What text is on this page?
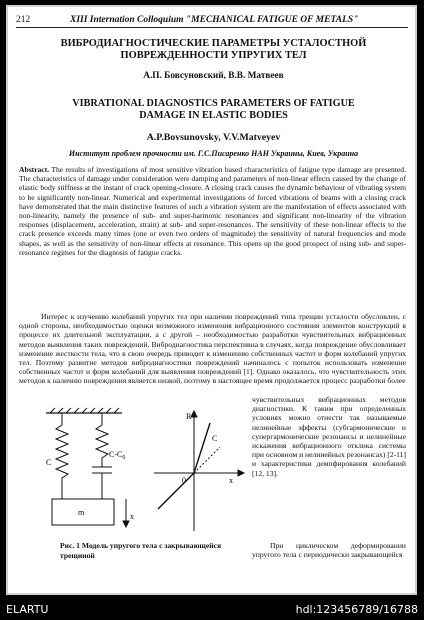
212	XIII Internation Colloquium "MECHANICAL FATIGUE OF METALS"
ВИБРОДИАГНОСТИЧЕСКИЕ ПАРАМЕТРЫ УСТАЛОСТНОЙ ПОВРЕЖДЕННОСТИ УПРУГИХ ТЕЛ
А.П. Бовсуновский, В.В. Матвеев
VIBRATIONAL DIAGNOSTICS PARAMETERS OF FATIGUE DAMAGE IN ELASTIC BODIES
A.P.Bovsunovsky, V.V.Matveyev
Институт проблем прочности им. Г.С.Писаренко НАН Украины, Киев, Украина
Abstract. The results of investigations of most sensitive vibration based characteristics of fatigue type damage are presented. The characteristics of damage under consideration were damping and parameters of non-linear effects caused by the change of elastic body stiffness at the instant of crack opening-closure. A closing crack causes the dynamic behaviour of vibrating system to be significantly non-linear. Numerical and experimental investigations of forced vibrations of beams with a closing crack have demonstrated that the main distinctive features of such a vibration system are the manifestation of effects associated with non-linearity, namely the presence of sub- and super-harmonic resonances and significant non-linearity of the vibration responses (displacement, acceleration, strain) at sub- and super-resonances. The sensitivity of these non-linear effects to the crack presence exceeds many times (one or even two orders of magnitude) the sensitivity of natural frequencies and mode shapes, as well as the sensitivity of non-linear effects at resonance. This opens up the good prospect of using sub- and super-resonance regimes for the diagnosis of fatigue cracks.
Интерес к изучению колебаний упругих тел при наличии повреждений типа трещин усталости обусловлен, с одной стороны, необходимостью оценки возможного изменения вибрационного состояния элементов конструкций в процессе их длительной эксплуатации, а с другой – необходимостью разработки чувствительных вибрационных методов выявления таких повреждений. Вибродиагностика перспективна в случаях, когда повреждение обусловливает изменение жесткости тела, что в свою очередь приводит к изменению собственных частот и форм колебаний упругих тел. Поэтому развитие методов вибродиагностики повреждений начиналось с попыток использовать изменение собственных частот и форм колебаний для выявления повреждений [1]. Однако оказалось, что чувствительность этих методов к наличию повреждения является низкой, поэтому в настоящее время продолжается процесс разработки более
чувствительных вибрационных методов диагностики. К таким при определенных условиях можно отнести так называемые нелинейные эффекты (субгармонические и супергармонические резонансы и нелинейные искажения вибрационного отклика системы при основном и нелинейных резонансах) [2-11] и характеристики демпфирования колебаний [12, 13].
При циклическом деформировании упругого тела с периодически закрывающейся
C
$C-C_0$
m	x
R
0	x
C
Рис. 1 Модель упругого тела с закрывающейся трещиной
ELARTU	hdl:123456789/16788
